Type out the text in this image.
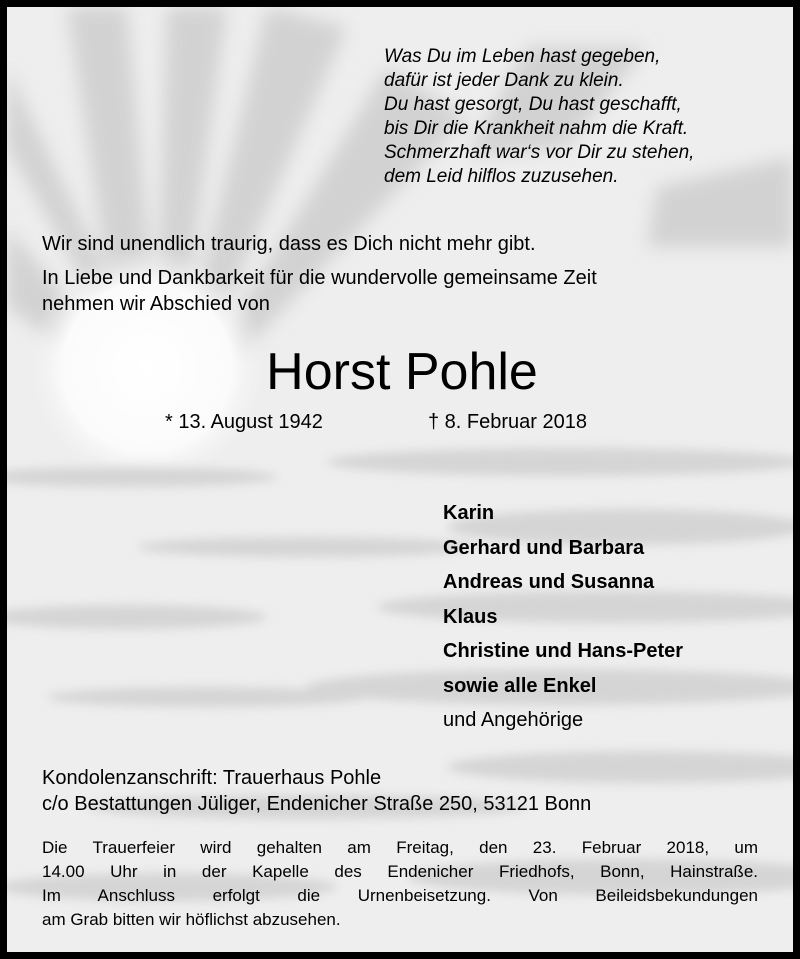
Was Du im Leben hast gegeben,
dafür ist jeder Dank zu klein.
Du hast gesorgt, Du hast geschafft,
bis Dir die Krankheit nahm die Kraft.
Schmerzhaft war‘s vor Dir zu stehen,
dem Leid hilflos zuzusehen.
Wir sind unendlich traurig, dass es Dich nicht mehr gibt.
In Liebe und Dankbarkeit für die wundervolle gemeinsame Zeit
nehmen wir Abschied von
Horst Pohle
* 13. August 1942	† 8. Februar 2018
Karin
Gerhard und Barbara
Andreas und Susanna
Klaus
Christine und Hans-Peter
sowie alle Enkel
und Angehörige
Kondolenzanschrift: Trauerhaus Pohle
c/o Bestattungen Jüliger, Endenicher Straße 250, 53121 Bonn
Die Trauerfeier wird gehalten am Freitag, den 23. Februar 2018, um
14.00 Uhr in der Kapelle des Endenicher Friedhofs, Bonn, Hainstraße.
Im Anschluss erfolgt die Urnenbeisetzung. Von Beileidsbekundungen
am Grab bitten wir höflichst abzusehen.
